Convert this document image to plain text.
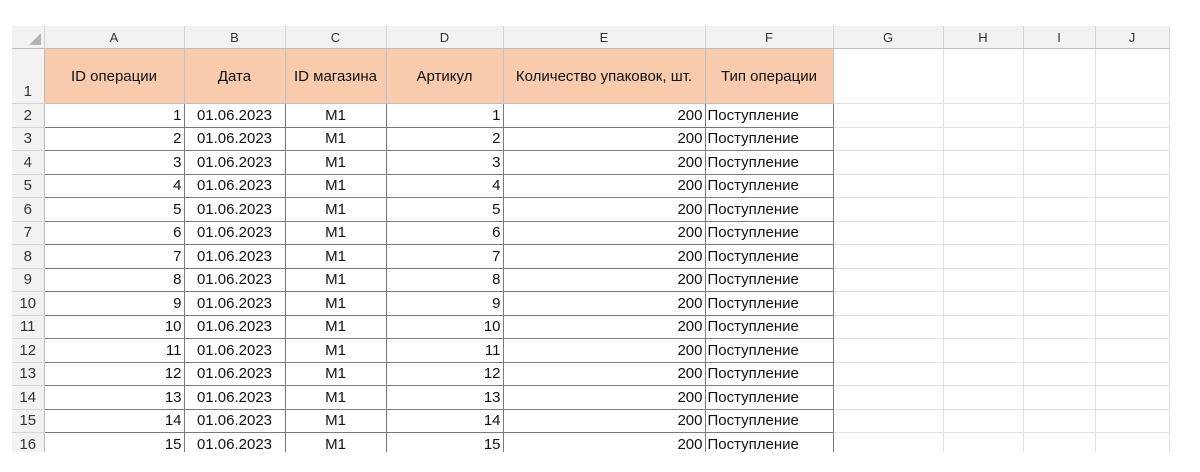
	A	B	C	D	E	F	G	H	I	J
1	ID операции	Дата	ID магазина	Артикул	Количество упаковок, шт.	Тип операции				
2	1	01.06.2023	M1	1	200	Поступление				
3	2	01.06.2023	M1	2	200	Поступление				
4	3	01.06.2023	M1	3	200	Поступление				
5	4	01.06.2023	M1	4	200	Поступление				
6	5	01.06.2023	M1	5	200	Поступление				
7	6	01.06.2023	M1	6	200	Поступление				
8	7	01.06.2023	M1	7	200	Поступление				
9	8	01.06.2023	M1	8	200	Поступление				
10	9	01.06.2023	M1	9	200	Поступление				
11	10	01.06.2023	M1	10	200	Поступление				
12	11	01.06.2023	M1	11	200	Поступление				
13	12	01.06.2023	M1	12	200	Поступление				
14	13	01.06.2023	M1	13	200	Поступление				
15	14	01.06.2023	M1	14	200	Поступление				
16	15	01.06.2023	M1	15	200	Поступление				
